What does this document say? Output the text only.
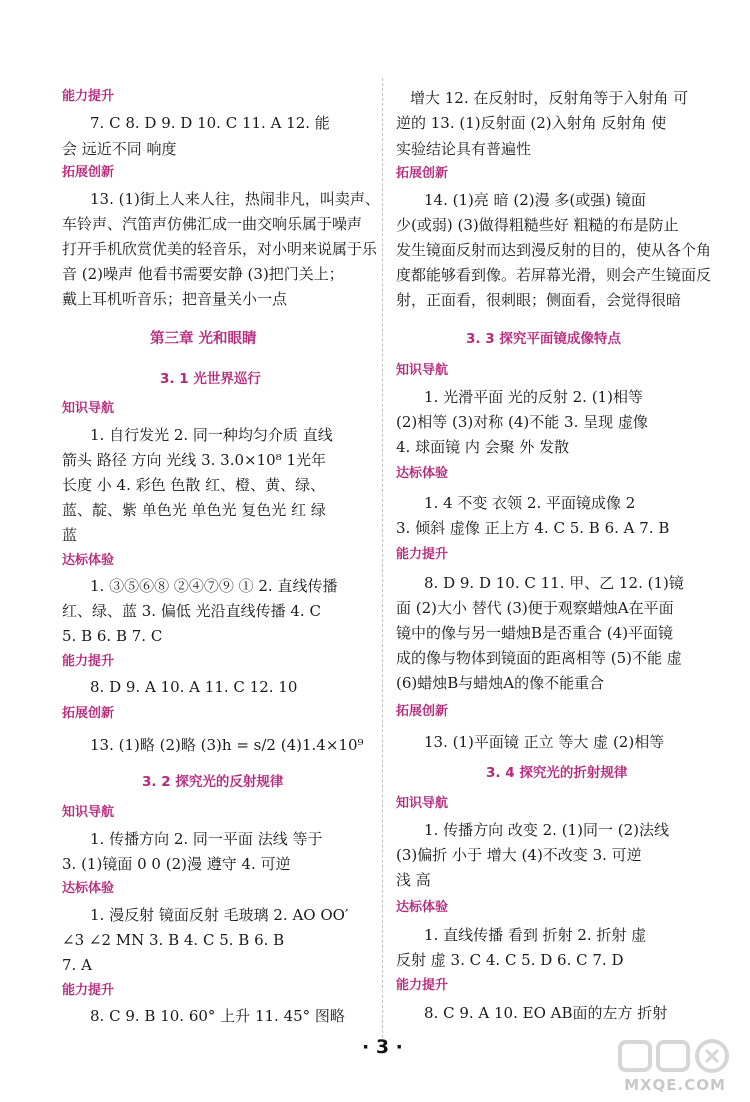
能力提升
7. C 8. D 9. D 10. C 11. A 12. 能
会 远近不同 响度
拓展创新
13. (1)街上人来人往，热闹非凡，叫卖声、
车铃声、汽笛声仿佛汇成一曲交响乐属于噪声
打开手机欣赏优美的轻音乐，对小明来说属于乐
音 (2)噪声 他看书需要安静 (3)把门关上；
戴上耳机听音乐；把音量关小一点
第三章 光和眼睛
3. 1 光世界巡行
知识导航
1. 自行发光 2. 同一种均匀介质 直线
箭头 路径 方向 光线 3. 3.0×10⁸ 1光年
长度 小 4. 彩色 色散 红、橙、黄、绿、
蓝、靛、紫 单色光 单色光 复色光 红 绿
蓝
达标体验
1. ③⑤⑥⑧ ②④⑦⑨ ① 2. 直线传播
红、绿、蓝 3. 偏低 光沿直线传播 4. C
5. B 6. B 7. C
能力提升
8. D 9. A 10. A 11. C 12. 10
拓展创新
13. (1)略 (2)略 (3)h = s/2 (4)1.4×10⁹
3. 2 探究光的反射规律
知识导航
1. 传播方向 2. 同一平面 法线 等于
3. (1)镜面 0 0 (2)漫 遵守 4. 可逆
达标体验
1. 漫反射 镜面反射 毛玻璃 2. AO OO′
∠3 ∠2 MN 3. B 4. C 5. B 6. B
7. A
能力提升
8. C 9. B 10. 60° 上升 11. 45° 图略
增大 12. 在反射时，反射角等于入射角 可
逆的 13. (1)反射面 (2)入射角 反射角 使
实验结论具有普遍性
拓展创新
14. (1)亮 暗 (2)漫 多(或强) 镜面
少(或弱) (3)做得粗糙些好 粗糙的布是防止
发生镜面反射而达到漫反射的目的，使从各个角
度都能够看到像。若屏幕光滑，则会产生镜面反
射，正面看，很刺眼；侧面看，会觉得很暗
3. 3 探究平面镜成像特点
知识导航
1. 光滑平面 光的反射 2. (1)相等
(2)相等 (3)对称 (4)不能 3. 呈现 虚像
4. 球面镜 内 会聚 外 发散
达标体验
1. 4 不变 衣领 2. 平面镜成像 2
3. 倾斜 虚像 正上方 4. C 5. B 6. A 7. B
能力提升
8. D 9. D 10. C 11. 甲、乙 12. (1)镜
面 (2)大小 替代 (3)便于观察蜡烛A在平面
镜中的像与另一蜡烛B是否重合 (4)平面镜
成的像与物体到镜面的距离相等 (5)不能 虚
(6)蜡烛B与蜡烛A的像不能重合
拓展创新
13. (1)平面镜 正立 等大 虚 (2)相等
3. 4 探究光的折射规律
知识导航
1. 传播方向 改变 2. (1)同一 (2)法线
(3)偏折 小于 增大 (4)不改变 3. 可逆
浅 高
达标体验
1. 直线传播 看到 折射 2. 折射 虚
反射 虚 3. C 4. C 5. D 6. C 7. D
能力提升
8. C 9. A 10. EO AB面的左方 折射
· 3 ·
MXQE.COM
